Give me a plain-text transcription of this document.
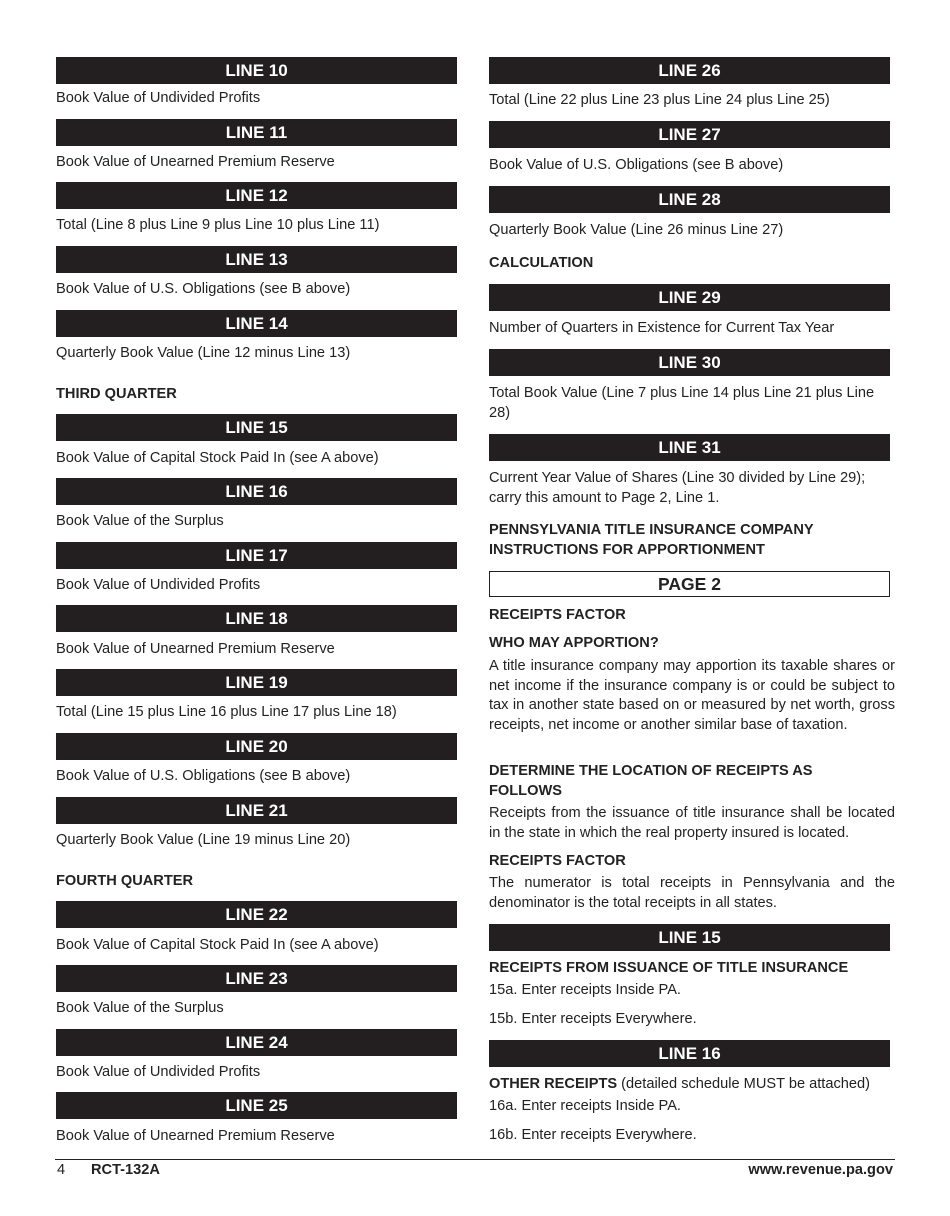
LINE 10
Book Value of Undivided Profits
LINE 11
Book Value of Unearned Premium Reserve
LINE 12
Total (Line 8 plus Line 9 plus Line 10 plus Line 11)
LINE 13
Book Value of U.S. Obligations (see B above)
LINE 14
Quarterly Book Value (Line 12 minus Line 13)
THIRD QUARTER
LINE 15
Book Value of Capital Stock Paid In (see A above)
LINE 16
Book Value of the Surplus
LINE 17
Book Value of Undivided Profits
LINE 18
Book Value of Unearned Premium Reserve
LINE 19
Total (Line 15 plus Line 16 plus Line 17 plus Line 18)
LINE 20
Book Value of U.S. Obligations (see B above)
LINE 21
Quarterly Book Value (Line 19 minus Line 20)
FOURTH QUARTER
LINE 22
Book Value of Capital Stock Paid In (see A above)
LINE 23
Book Value of the Surplus
LINE 24
Book Value of Undivided Profits
LINE 25
Book Value of Unearned Premium Reserve
LINE 26
Total (Line 22 plus Line 23 plus Line 24 plus Line 25)
LINE 27
Book Value of U.S. Obligations (see B above)
LINE 28
Quarterly Book Value (Line 26 minus Line 27)
CALCULATION
LINE 29
Number of Quarters in Existence for Current Tax Year
LINE 30
Total Book Value (Line 7 plus Line 14 plus Line 21 plus Line 28)
LINE 31
Current Year Value of Shares (Line 30 divided by Line 29); carry this amount to Page 2, Line 1.
PENNSYLVANIA TITLE INSURANCE COMPANY INSTRUCTIONS FOR APPORTIONMENT
PAGE 2
RECEIPTS FACTOR
WHO MAY APPORTION?
A title insurance company may apportion its taxable shares or net income if the insurance company is or could be subject to tax in another state based on or measured by net worth, gross receipts, net income or another similar base of taxation.
DETERMINE THE LOCATION OF RECEIPTS AS FOLLOWS
Receipts from the issuance of title insurance shall be located in the state in which the real property insured is located.
RECEIPTS FACTOR
The numerator is total receipts in Pennsylvania and the denominator is the total receipts in all states.
LINE 15
RECEIPTS FROM ISSUANCE OF TITLE INSURANCE
15a. Enter receipts Inside PA.
15b. Enter receipts Everywhere.
LINE 16
OTHER RECEIPTS (detailed schedule MUST be attached)
16a. Enter receipts Inside PA.
16b. Enter receipts Everywhere.
4 RCT-132A	www.revenue.pa.gov
